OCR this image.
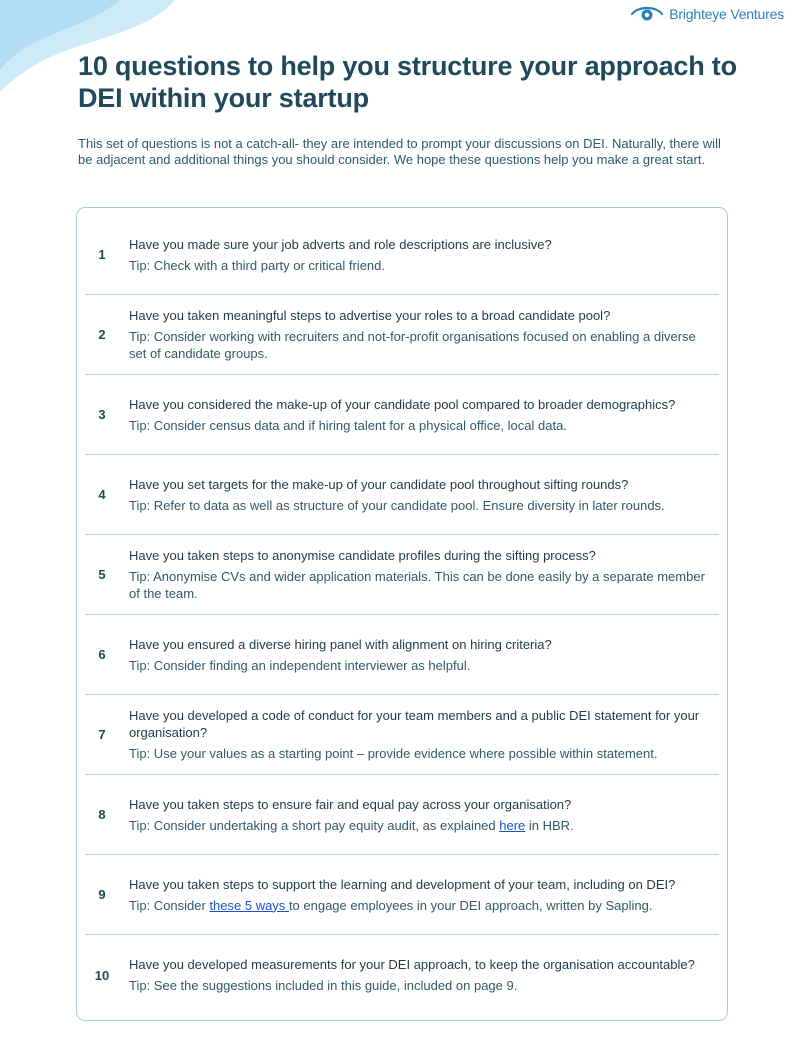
Brighteye Ventures
10 questions to help you structure your approach to DEI within your startup

This set of questions is not a catch-all- they are intended to prompt your discussions on DEI. Naturally, there will be adjacent and additional things you should consider. We hope these questions help you make a great start.

1
Have you made sure your job adverts and role descriptions are inclusive?
Tip: Check with a third party or critical friend.
2
Have you taken meaningful steps to advertise your roles to a broad candidate pool?
Tip: Consider working with recruiters and not-for-profit organisations focused on enabling a diverse set of candidate groups.
3
Have you considered the make-up of your candidate pool compared to broader demographics?
Tip: Consider census data and if hiring talent for a physical office, local data.
4
Have you set targets for the make-up of your candidate pool throughout sifting rounds?
Tip: Refer to data as well as structure of your candidate pool. Ensure diversity in later rounds.
5
Have you taken steps to anonymise candidate profiles during the sifting process?
Tip: Anonymise CVs and wider application materials. This can be done easily by a separate member of the team.
6
Have you ensured a diverse hiring panel with alignment on hiring criteria?
Tip: Consider finding an independent interviewer as helpful.
7
Have you developed a code of conduct for your team members and a public DEI statement for your organisation?
Tip: Use your values as a starting point – provide evidence where possible within statement.
8
Have you taken steps to ensure fair and equal pay across your organisation?
Tip: Consider undertaking a short pay equity audit, as explained here in HBR.
9
Have you taken steps to support the learning and development of your team, including on DEI?
Tip: Consider these 5 ways to engage employees in your DEI approach, written by Sapling.
10
Have you developed measurements for your DEI approach, to keep the organisation accountable?
Tip: See the suggestions included in this guide, included on page 9.
